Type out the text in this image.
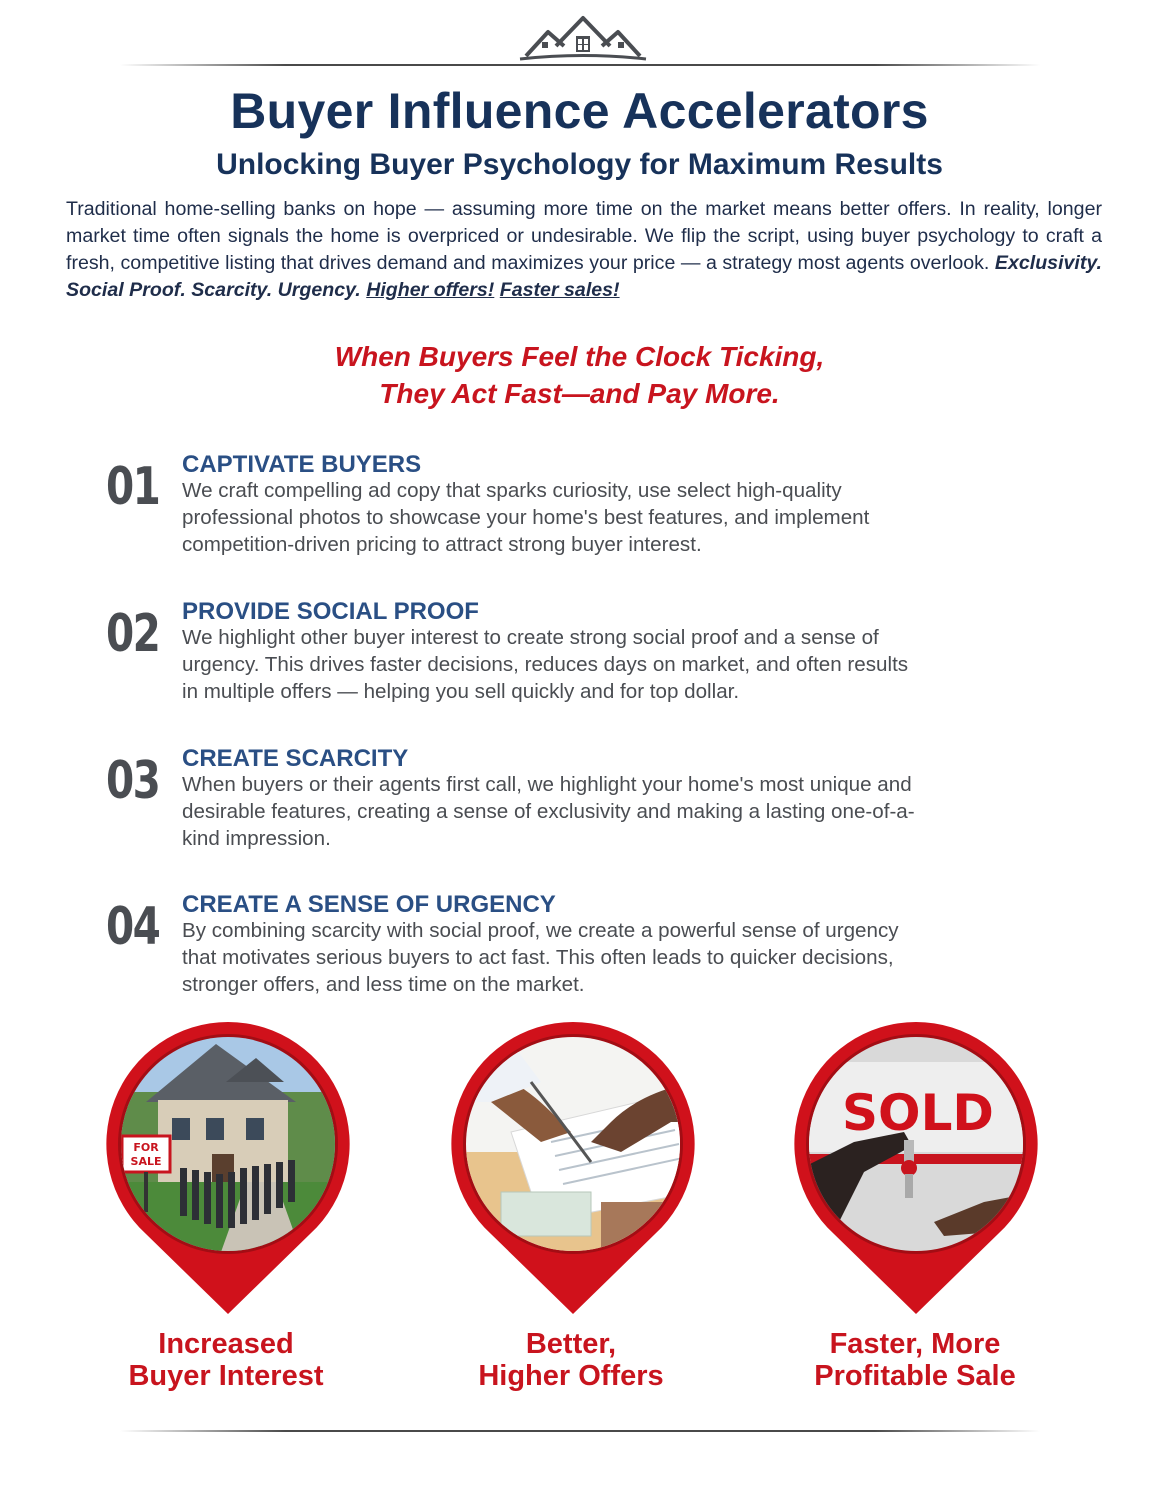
Buyer Influence Accelerators
Unlocking Buyer Psychology for Maximum Results

Traditional home-selling banks on hope — assuming more time on the market means better offers. In reality, longer market time often signals the home is overpriced or undesirable. We flip the script, using buyer psychology to craft a fresh, competitive listing that drives demand and maximizes your price — a strategy most agents overlook. Exclusivity. Social Proof. Scarcity. Urgency. Higher offers! Faster sales!

When Buyers Feel the Clock Ticking,
They Act Fast—and Pay More.
01 CAPTIVATE BUYERS
We craft compelling ad copy that sparks curiosity, use select high-quality
professional photos to showcase your home's best features, and implement
competition-driven pricing to attract strong buyer interest.
02 PROVIDE SOCIAL PROOF
We highlight other buyer interest to create strong social proof and a sense of
urgency. This drives faster decisions, reduces days on market, and often results
in multiple offers — helping you sell quickly and for top dollar.
03 CREATE SCARCITY
When buyers or their agents first call, we highlight your home's most unique and
desirable features, creating a sense of exclusivity and making a lasting one-of-a-
kind impression.
04 CREATE A SENSE OF URGENCY
By combining scarcity with social proof, we create a powerful sense of urgency
that motivates serious buyers to act fast. This often leads to quicker decisions,
stronger offers, and less time on the market.
FOR
SALE
SOLD
Increased
Buyer Interest
Better,
Higher Offers
Faster, More
Profitable Sale
